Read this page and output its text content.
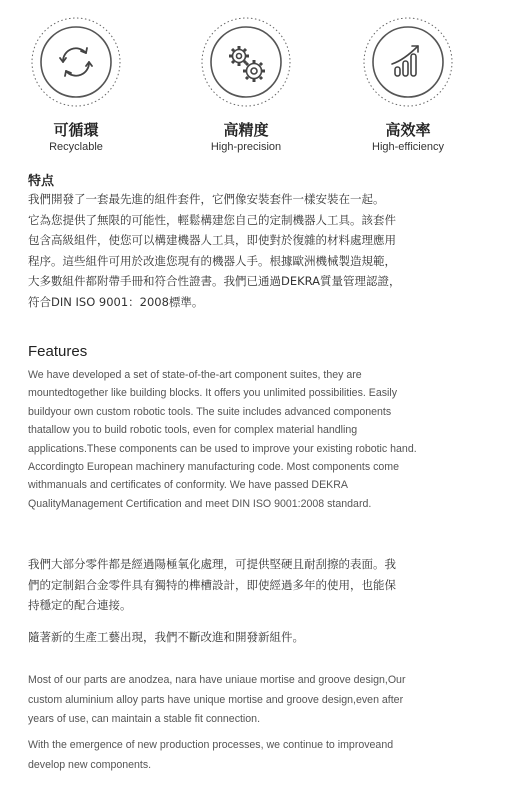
可循環
Recyclable
高精度
High-precision
高效率
High-efficiency
特点
我們開發了一套最先進的組件套件，它們像安裝套件一樣安裝在一起。
它為您提供了無限的可能性，輕鬆構建您自己的定制機器人工具。該套件
包含高級組件，使您可以構建機器人工具，即使對於復雜的材料處理應用
程序。這些組件可用於改進您現有的機器人手。根據歐洲機械製造規範，
大多數組件都附帶手冊和符合性證書。我們已通過DEKRA質量管理認證，
符合DIN ISO 9001：2008標準。
Features
We have developed a set of state-of-the-art component suites, they are
mountedtogether like building blocks. It offers you unlimited possibilities. Easily
buildyour own custom robotic tools. The suite includes advanced components
thatallow you to build robotic tools, even for complex material handling
applications.These components can be used to improve your existing robotic hand.
Accordingto European machinery manufacturing code. Most components come
withmanuals and certificates of conformity. We have passed DEKRA
QualityManagement Certification and meet DIN ISO 9001:2008 standard.
我們大部分零件都是經過陽極氧化處理，可提供堅硬且耐刮擦的表面。我
們的定制鋁合金零件具有獨特的榫槽設計，即使經過多年的使用，也能保
持穩定的配合連接。
隨著新的生產工藝出現，我們不斷改進和開發新組件。
Most of our parts are anodzea, nara have uniaue mortise and groove design,Our
custom aluminium alloy parts have unique mortise and groove design,even after
years of use, can maintain a stable fit connection.
With the emergence of new production processes, we continue to improveand
develop new components.
